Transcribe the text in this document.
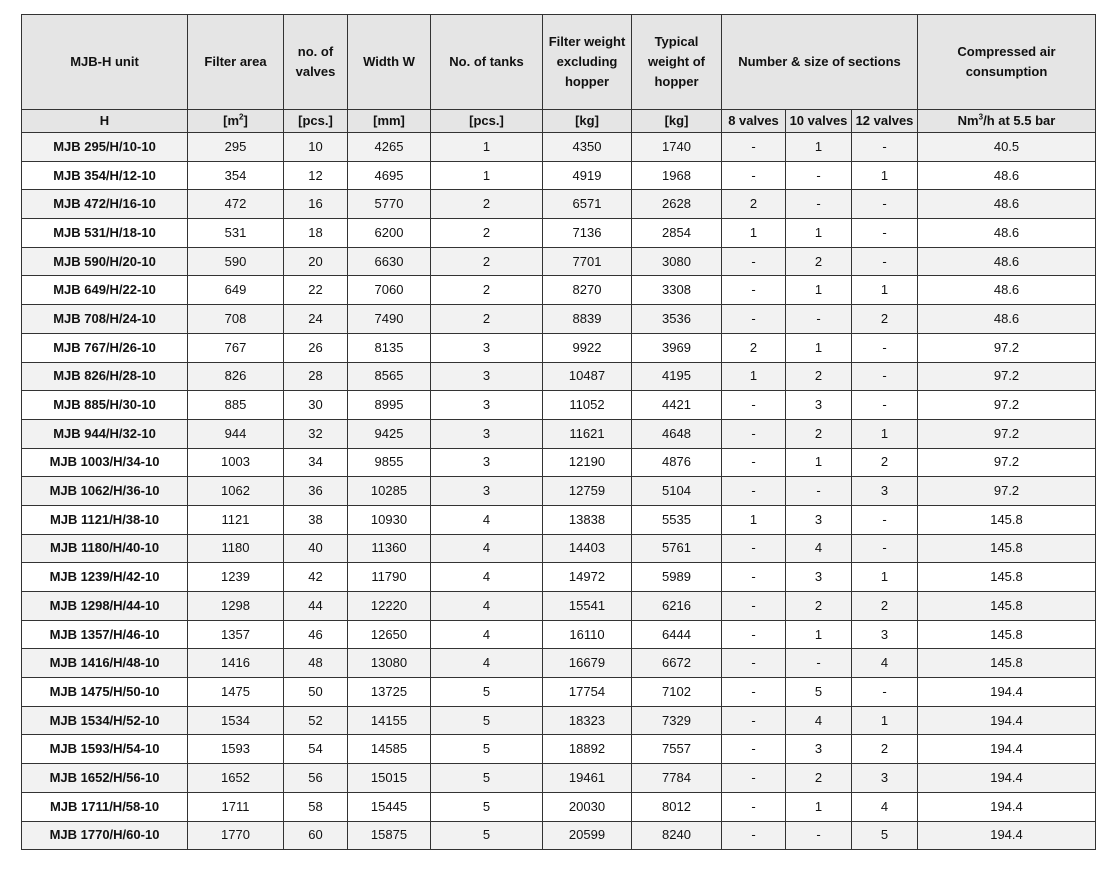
MJB-H unit	Filter area	no. of valves	Width W	No. of tanks	Filter weight excluding hopper	Typical weight of hopper	Number & size of sections			Compressed air consumption
H	$[m^2]$	[pcs.]	[mm]	[pcs.]	[kg]	[kg]	8 valves	10 valves	12 valves	Nm$^3$/h at 5.5 bar

MJB 295/H/10-10	295	10	4265	1	4350	1740	-	1	-	40.5
MJB 354/H/12-10	354	12	4695	1	4919	1968	-	-	1	48.6
MJB 472/H/16-10	472	16	5770	2	6571	2628	2	-	-	48.6
MJB 531/H/18-10	531	18	6200	2	7136	2854	1	1	-	48.6
MJB 590/H/20-10	590	20	6630	2	7701	3080	-	2	-	48.6
MJB 649/H/22-10	649	22	7060	2	8270	3308	-	1	1	48.6
MJB 708/H/24-10	708	24	7490	2	8839	3536	-	-	2	48.6
MJB 767/H/26-10	767	26	8135	3	9922	3969	2	1	-	97.2
MJB 826/H/28-10	826	28	8565	3	10487	4195	1	2	-	97.2
MJB 885/H/30-10	885	30	8995	3	11052	4421	-	3	-	97.2
MJB 944/H/32-10	944	32	9425	3	11621	4648	-	2	1	97.2
MJB 1003/H/34-10	1003	34	9855	3	12190	4876	-	1	2	97.2
MJB 1062/H/36-10	1062	36	10285	3	12759	5104	-	-	3	97.2
MJB 1121/H/38-10	1121	38	10930	4	13838	5535	1	3	-	145.8
MJB 1180/H/40-10	1180	40	11360	4	14403	5761	-	4	-	145.8
MJB 1239/H/42-10	1239	42	11790	4	14972	5989	-	3	1	145.8
MJB 1298/H/44-10	1298	44	12220	4	15541	6216	-	2	2	145.8
MJB 1357/H/46-10	1357	46	12650	4	16110	6444	-	1	3	145.8
MJB 1416/H/48-10	1416	48	13080	4	16679	6672	-	-	4	145.8
MJB 1475/H/50-10	1475	50	13725	5	17754	7102	-	5	-	194.4
MJB 1534/H/52-10	1534	52	14155	5	18323	7329	-	4	1	194.4
MJB 1593/H/54-10	1593	54	14585	5	18892	7557	-	3	2	194.4
MJB 1652/H/56-10	1652	56	15015	5	19461	7784	-	2	3	194.4
MJB 1711/H/58-10	1711	58	15445	5	20030	8012	-	1	4	194.4
MJB 1770/H/60-10	1770	60	15875	5	20599	8240	-	-	5	194.4
